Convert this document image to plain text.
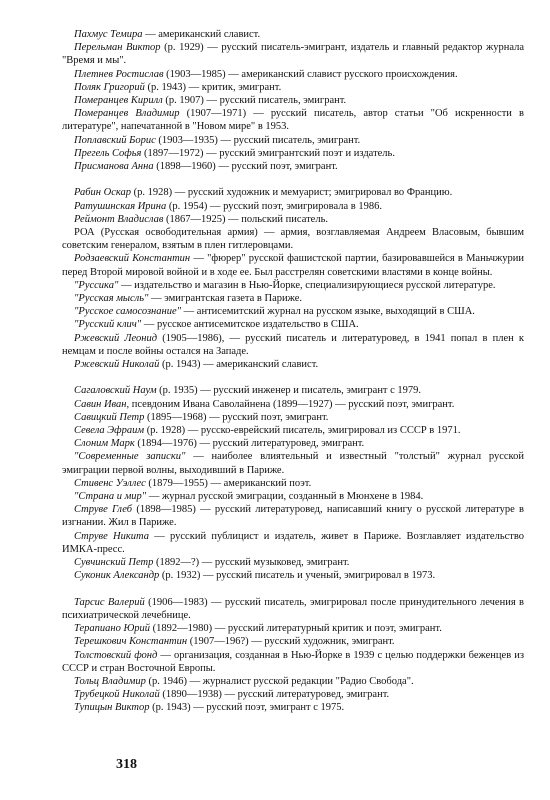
Пахмус Темира — американский славист.
Перельман Виктор (р. 1929) — русский писатель-эмигрант, издатель и главный редактор журнала "Время и мы".
Плетнев Ростислав (1903—1985) — американский славист русского происхождения.
Поляк Григорий (р. 1943) — критик, эмигрант.
Померанцев Кирилл (р. 1907) — русский писатель, эмигрант.
Померанцев Владимир (1907—1971) — русский писатель, автор статьи "Об искренности в литературе", напечатанной в "Новом мире" в 1953.
Поплавский Борис (1903—1935) — русский писатель, эмигрант.
Прегель Софья (1897—1972) — русский эмигрантский поэт и издатель.
Присманова Анна (1898—1960) — русский поэт, эмигрант.
Рабин Оскар (р. 1928) — русский художник и мемуарист; эмигрировал во Францию.
Ратушинская Ирина (р. 1954) — русский поэт, эмигрировала в 1986.
Реймонт Владислав (1867—1925) — польский писатель.
РОА (Русская освободительная армия) — армия, возглавляемая Андреем Власовым, бывшим советским генералом, взятым в плен гитлеровцами.
Родзаевский Константин — "фюрер" русской фашистской партии, базировавшейся в Маньчжурии перед Второй мировой войной и в ходе ее. Был расстрелян советскими властями в конце войны.
"Руссика" — издательство и магазин в Нью-Йорке, специализирующиеся русской литературе.
"Русская мысль" — эмигрантская газета в Париже.
"Русское самосознание" — антисемитский журнал на русском языке, выходящий в США.
"Русский клич" — русское антисемитское издательство в США.
Ржевский Леонид (1905—1986), — русский писатель и литературовед, в 1941 попал в плен к немцам и после войны остался на Западе.
Ржевский Николай (р. 1943) — американский славист.
Сагаловский Наум (р. 1935) — русский инженер и писатель, эмигрант с 1979.
Савин Иван, псевдоним Ивана Саволайнена (1899—1927) — русский поэт, эмигрант.
Савицкий Петр (1895—1968) — русский поэт, эмигрант.
Севела Эфраим (р. 1928) — русско-еврейский писатель, эмигрировал из СССР в 1971.
Слоним Марк (1894—1976) — русский литературовед, эмигрант.
"Современные записки" — наиболее влиятельный и известный "толстый" журнал русской эмиграции первой волны, выходивший в Париже.
Стивенс Уэллес (1879—1955) — американский поэт.
"Страна и мир" — журнал русской эмиграции, созданный в Мюнхене в 1984.
Струве Глеб (1898—1985) — русский литературовед, написавший книгу о русской литературе в изгнании. Жил в Париже.
Струве Никита — русский публицист и издатель, живет в Париже. Возглавляет издательство ИМКА-пресс.
Сувчинский Петр (1892—?) — русский музыковед, эмигрант.
Суконик Александр (р. 1932) — русский писатель и ученый, эмигрировал в 1973.
Тарсис Валерий (1906—1983) — русский писатель, эмигрировал после принудительного лечения в психиатрической лечебнице.
Терапиано Юрий (1892—1980) — русский литературный критик и поэт, эмигрант.
Терешкович Константин (1907—196?) — русский художник, эмигрант.
Толстовский фонд — организация, созданная в Нью-Йорке в 1939 с целью поддержки беженцев из СССР и стран Восточной Европы.
Тольц Владимир (р. 1946) — журналист русской редакции "Радио Свобода".
Трубецкой Николай (1890—1938) — русский литературовед, эмигрант.
Тупицын Виктор (р. 1943) — русский поэт, эмигрант с 1975.
318
